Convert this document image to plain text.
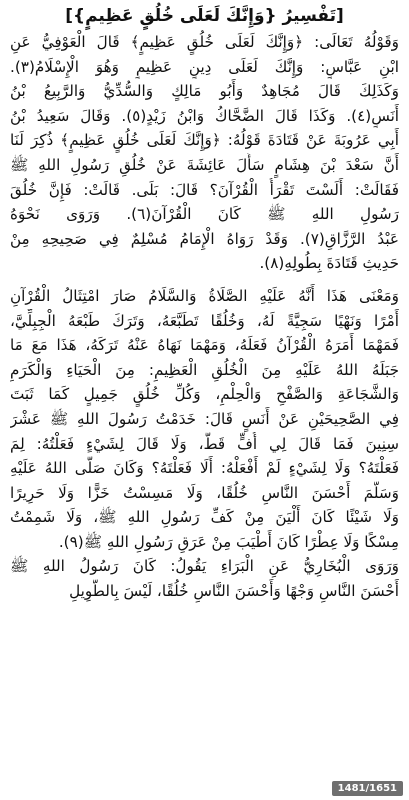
[تَفْسِيرُ {وَإِنَّكَ لَعَلَى خُلُقٍ عَظِيمٍ}]
وَقَوْلُهُ تَعَالَى: ﴿وَإِنَّكَ لَعَلَى خُلُقٍ عَظِيمٍ﴾ قَالَ الْعَوْفِيُّ عَنِ
ابْنِ عَبَّاسٍ: وَإِنَّكَ لَعَلَى دِينٍ عَظِيمٍ وَهُوَ الْإِسْلَامُ(٣).
وَكَذَلِكَ قَالَ مُجَاهِدٌ وَأَبُو مَالِكٍ وَالسُّدِّيُّ وَالرَّبِيعُ بْنُ
أَنَسٍ(٤). وَكَذَا قَالَ الضَّحَّاكُ وَابْنُ زَيْدٍ(٥). وَقَالَ سَعِيدُ بْنُ
أَبِي عَرُوبَةَ عَنْ قَتَادَةَ قَوْلُهُ: ﴿وَإِنَّكَ لَعَلَى خُلُقٍ عَظِيمٍ﴾ ذُكِرَ لَنَا
أَنَّ سَعْدَ بْنَ هِشَامٍ سَأَلَ عَائِشَةَ عَنْ خُلُقِ رَسُولِ اللهِ ﷺ
فَقَالَتْ: أَلَسْتَ تَقْرَأُ الْقُرْآنَ؟ قَالَ: بَلَى. قَالَتْ: فَإِنَّ خُلُقَ
رَسُولِ اللهِ ﷺ كَانَ الْقُرْآنَ(٦). وَرَوَى نَحْوَهُ
عَبْدُ الرَّزَّاقِ(٧). وَقَدْ رَوَاهُ الْإِمَامُ مُسْلِمٌ فِي صَحِيحِهِ مِنْ
حَدِيثِ قَتَادَةَ بِطُولِهِ(٨).
وَمَعْنَى هَذَا أَنَّهُ عَلَيْهِ الصَّلَاةُ وَالسَّلَامُ صَارَ امْتِثَالُ الْقُرْآنِ
أَمْرًا وَنَهْيًا سَجِيَّةً لَهُ، وَخُلُقًا تَطَبَّعَهُ، وَتَرَكَ طَبْعَهُ الْجِبِلِّيَّ،
فَمَهْمَا أَمَرَهُ الْقُرْآنُ فَعَلَهُ، وَمَهْمَا نَهَاهُ عَنْهُ تَرَكَهُ، هَذَا مَعَ مَا
جَبَلَهُ اللهُ عَلَيْهِ مِنَ الْخُلُقِ الْعَظِيمِ: مِنَ الْحَيَاءِ وَالْكَرَمِ
وَالشَّجَاعَةِ وَالصَّفْحِ وَالْحِلْمِ، وَكُلِّ خُلُقٍ جَمِيلٍ كَمَا ثَبَتَ
فِي الصَّحِيحَيْنِ عَنْ أَنَسٍ قَالَ: خَدَمْتُ رَسُولَ اللهِ ﷺ عَشْرَ
سِنِينَ فَمَا قَالَ لِي أُفٍّ قَطُّ، وَلَا قَالَ لِشَيْءٍ فَعَلْتُهُ: لِمَ
فَعَلْتَهُ؟ وَلَا لِشَيْءٍ لَمْ أَفْعَلْهُ: أَلَا فَعَلْتَهُ؟ وَكَانَ صَلَّى اللهُ عَلَيْهِ
وَسَلَّمَ أَحْسَنَ النَّاسِ خُلُقًا، وَلَا مَسِسْتُ خَزًّا وَلَا حَرِيرًا
وَلَا شَيْئًا كَانَ أَلْيَنَ مِنْ كَفِّ رَسُولِ اللهِ ﷺ، وَلَا شَمِمْتُ
مِسْكًا وَلَا عِطْرًا كَانَ أَطْيَبَ مِنْ عَرَقِ رَسُولِ اللهِ ﷺ(٩).
وَرَوَى الْبُخَارِيُّ عَنِ الْبَرَاءِ يَقُولُ: كَانَ رَسُولُ اللهِ ﷺ
أَحْسَنَ النَّاسِ وَجْهًا وَأَحْسَنَ النَّاسِ خُلُقًا، لَيْسَ بِالطَّوِيلِ
1481/1651
